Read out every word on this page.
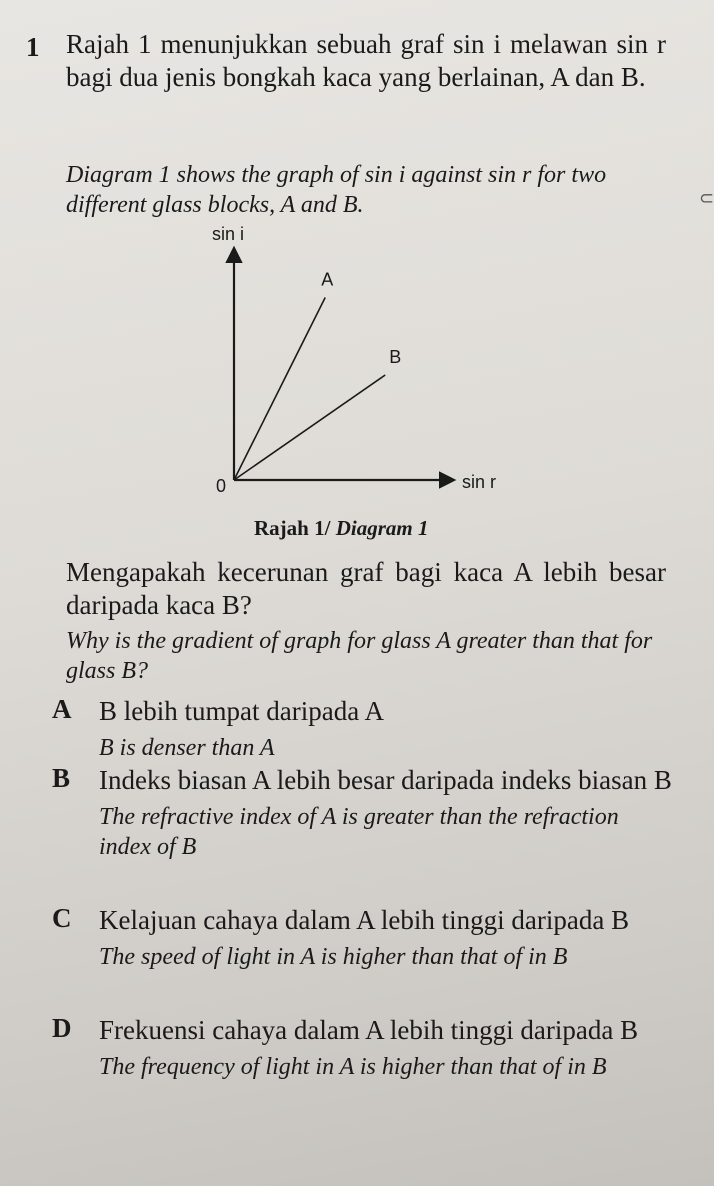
1 Rajah 1 menunjukkan sebuah graf sin i melawan sin r bagi dua jenis bongkah kaca yang berlainan, A dan B.
Diagram 1 shows the graph of sin i against sin r for two different glass blocks, A and B.	⊂
sin i
sin r
0
A
B
Rajah 1/ Diagram 1
Mengapakah kecerunan graf bagi kaca A lebih besar daripada kaca B?
Why is the gradient of graph for glass A greater than that for glass B?
A B lebih tumpat daripada A
B is denser than A
B Indeks biasan A lebih besar daripada indeks biasan B
The refractive index of A is greater than the refraction index of B
C Kelajuan cahaya dalam A lebih tinggi daripada B
The speed of light in A is higher than that of in B
D Frekuensi cahaya dalam A lebih tinggi daripada B
The frequency of light in A is higher than that of in B
